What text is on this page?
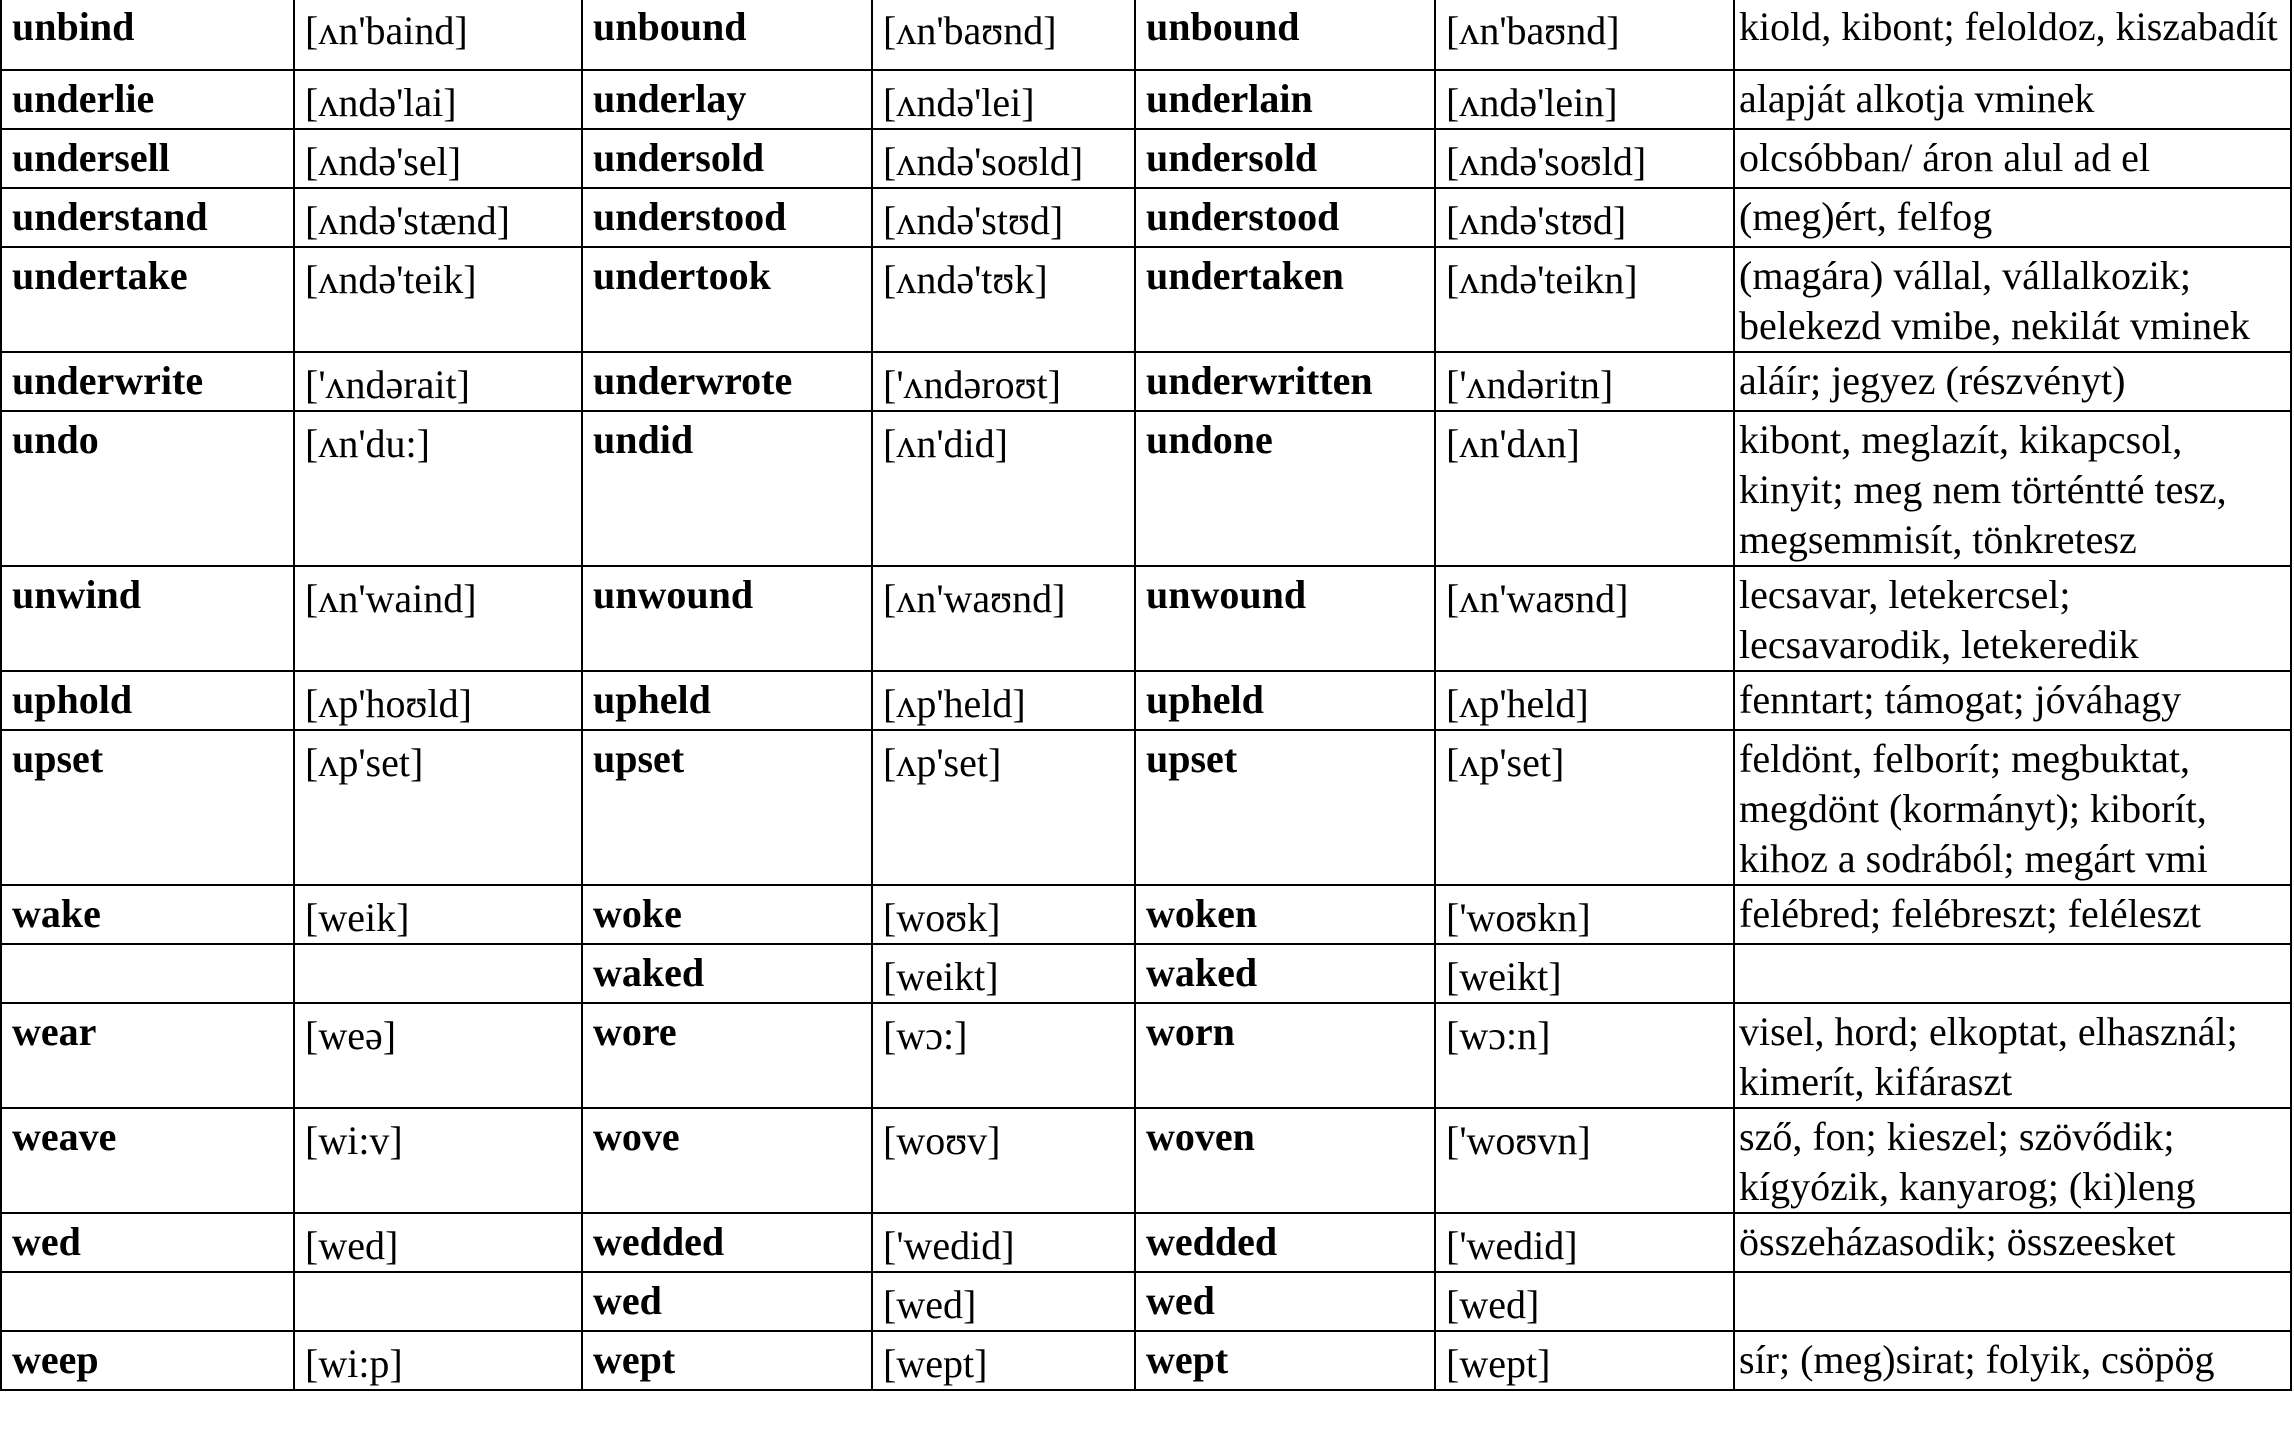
unbind	[ʌn'baind]	unbound	[ʌn'baʊnd]	unbound	[ʌn'baʊnd]	kiold, kibont; feloldoz, kiszabadít
underlie	[ʌndə'lai]	underlay	[ʌndə'lei]	underlain	[ʌndə'lein]	alapját alkotja vminek
undersell	[ʌndə'sel]	undersold	[ʌndə'soʊld]	undersold	[ʌndə'soʊld]	olcsóbban/ áron alul ad el
understand	[ʌndə'stænd]	understood	[ʌndə'stʊd]	understood	[ʌndə'stʊd]	(meg)ért, felfog
undertake	[ʌndə'teik]	undertook	[ʌndə'tʊk]	undertaken	[ʌndə'teikn]	(magára) vállal, vállalkozik; belekezd vmibe, nekilát vminek
underwrite	['ʌndərait]	underwrote	['ʌndəroʊt]	underwritten	['ʌndəritn]	aláír; jegyez (részvényt)
undo	[ʌn'du:]	undid	[ʌn'did]	undone	[ʌn'dʌn]	kibont, meglazít, kikapcsol, kinyit; meg nem történtté tesz, megsemmisít, tönkretesz
unwind	[ʌn'waind]	unwound	[ʌn'waʊnd]	unwound	[ʌn'waʊnd]	lecsavar, letekercsel; lecsavarodik, letekeredik
uphold	[ʌp'hoʊld]	upheld	[ʌp'held]	upheld	[ʌp'held]	fenntart; támogat; jóváhagy
upset	[ʌp'set]	upset	[ʌp'set]	upset	[ʌp'set]	feldönt, felborít; megbuktat, megdönt (kormányt); kiborít, kihoz a sodrából; megárt vmi
wake	[weik]	woke	[woʊk]	woken	['woʊkn]	felébred; felébreszt; feléleszt
		waked	[weikt]	waked	[weikt]	
wear	[weə]	wore	[wɔ:]	worn	[wɔ:n]	visel, hord; elkoptat, elhasznál; kimerít, kifáraszt
weave	[wi:v]	wove	[woʊv]	woven	['woʊvn]	sző, fon; kieszel; szövődik; kígyózik, kanyarog; (ki)leng
wed	[wed]	wedded	['wedid]	wedded	['wedid]	összeházasodik; összeesket
		wed	[wed]	wed	[wed]	
weep	[wi:p]	wept	[wept]	wept	[wept]	sír; (meg)sirat; folyik, csöpög
